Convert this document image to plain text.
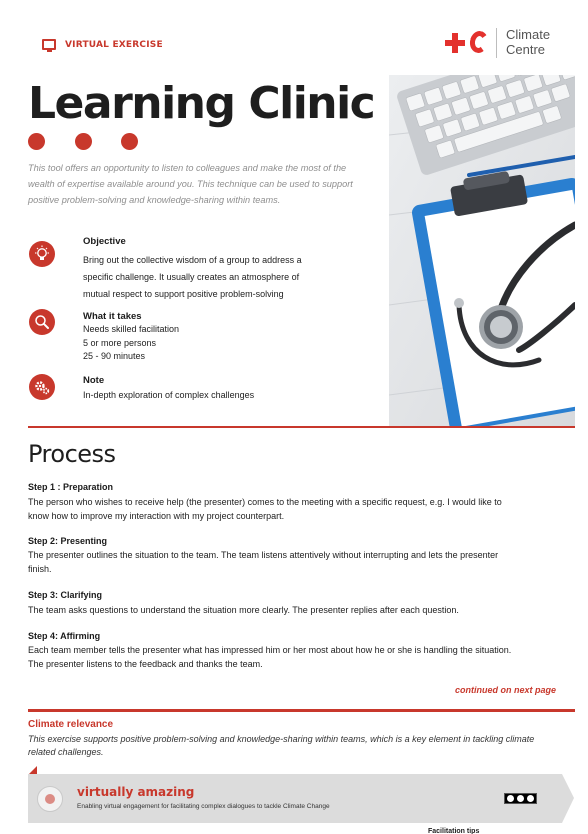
VIRTUAL EXERCISE
Climate
Centre
Learning Clinic
This tool offers an opportunity to listen to colleagues and make the most of the wealth of expertise available around you. This technique can be used to support positive problem-solving and knowledge-sharing within teams.
Objective
Bring out the collective wisdom of a group to address a
specific challenge. It usually creates an atmosphere of
mutual respect to support positive problem-solving
What it takes
Needs skilled facilitation
5 or more persons
25 - 90 minutes
Note
In-depth exploration of complex challenges
Process
Step 1 : Preparation
The person who wishes to receive help (the presenter) comes to the meeting with a specific request, e.g. I would like to
know how to improve my interaction with my project counterpart.
Step 2: Presenting
The presenter outlines the situation to the team. The team listens attentively without interrupting and lets the presenter
finish.
Step 3: Clarifying
The team asks questions to understand the situation more clearly. The presenter replies after each question.
Step 4: Affirming
Each team member tells the presenter what has impressed him or her most about how he or she is handling the situation.
The presenter listens to the feedback and thanks the team.
continued on next page
Climate relevance
This exercise supports positive problem-solving and knowledge-sharing within teams, which is a key element in tackling climate
related challenges.
virtually amazing
Enabling virtual engagement for facilitating complex dialogues to tackle Climate Change
Facilitation tips
